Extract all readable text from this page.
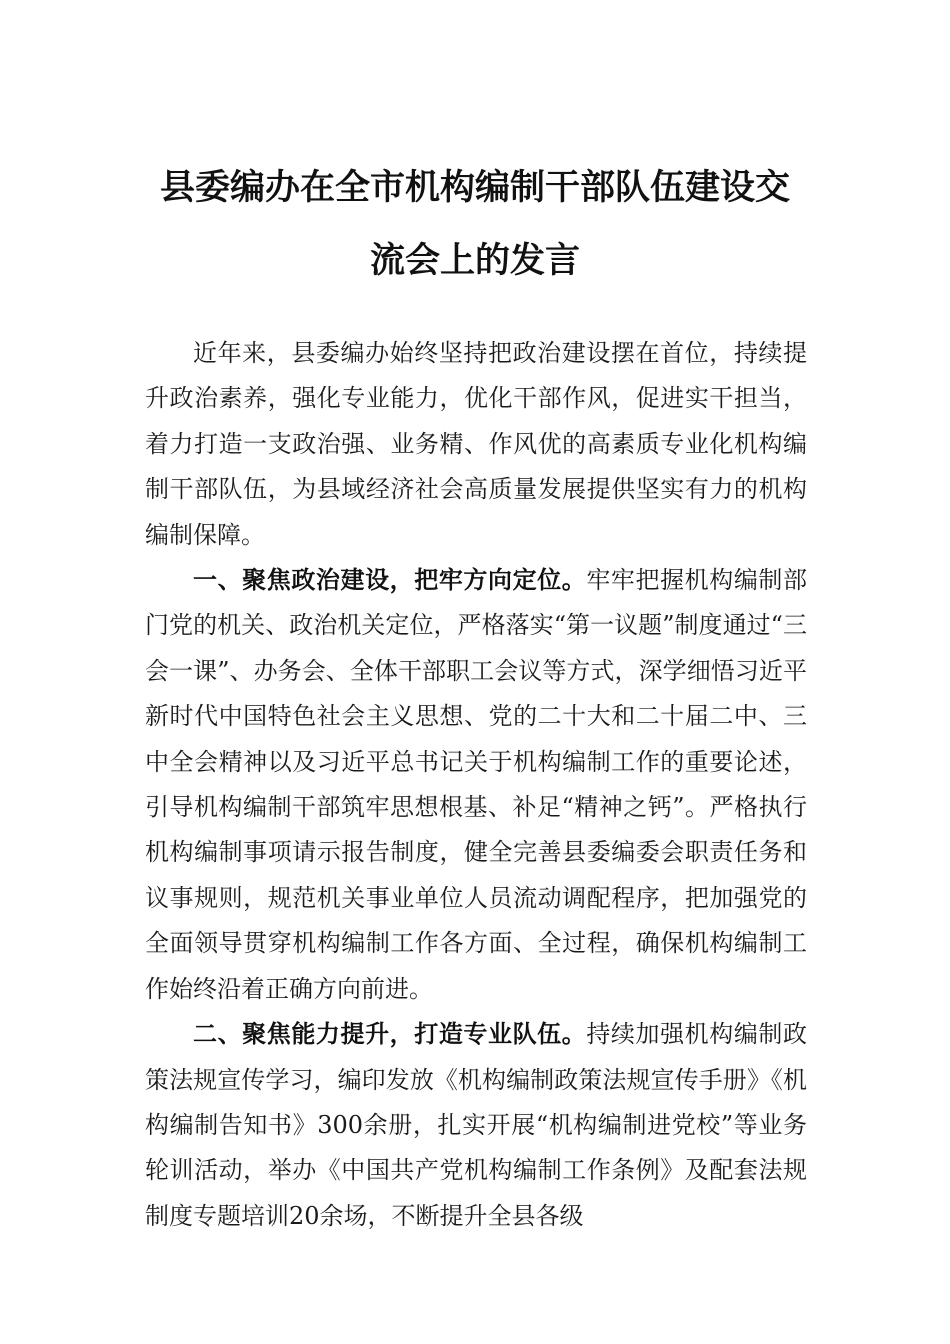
县委编办在全市机构编制干部队伍建设交
流会上的发言

近年来，县委编办始终坚持把政治建设摆在首位，持续提升政治素养，强化专业能力，优化干部作风，促进实干担当，着力打造一支政治强、业务精、作风优的高素质专业化机构编制干部队伍，为县域经济社会高质量发展提供坚实有力的机构编制保障。

一、聚焦政治建设，把牢方向定位。牢牢把握机构编制部门党的机关、政治机关定位，严格落实“第一议题”制度通过“三会一课”、办务会、全体干部职工会议等方式，深学细悟习近平新时代中国特色社会主义思想、党的二十大和二十届二中、三中全会精神以及习近平总书记关于机构编制工作的重要论述，引导机构编制干部筑牢思想根基、补足“精神之钙”。严格执行机构编制事项请示报告制度，健全完善县委编委会职责任务和议事规则，规范机关事业单位人员流动调配程序，把加强党的全面领导贯穿机构编制工作各方面、全过程，确保机构编制工作始终沿着正确方向前进。

二、聚焦能力提升，打造专业队伍。持续加强机构编制政策法规宣传学习，编印发放《机构编制政策法规宣传手册》《机构编制告知书》300余册，扎实开展“机构编制进党校”等业务轮训活动，举办《中国共产党机构编制工作条例》及配套法规制度专题培训20余场，不断提升全县各级
